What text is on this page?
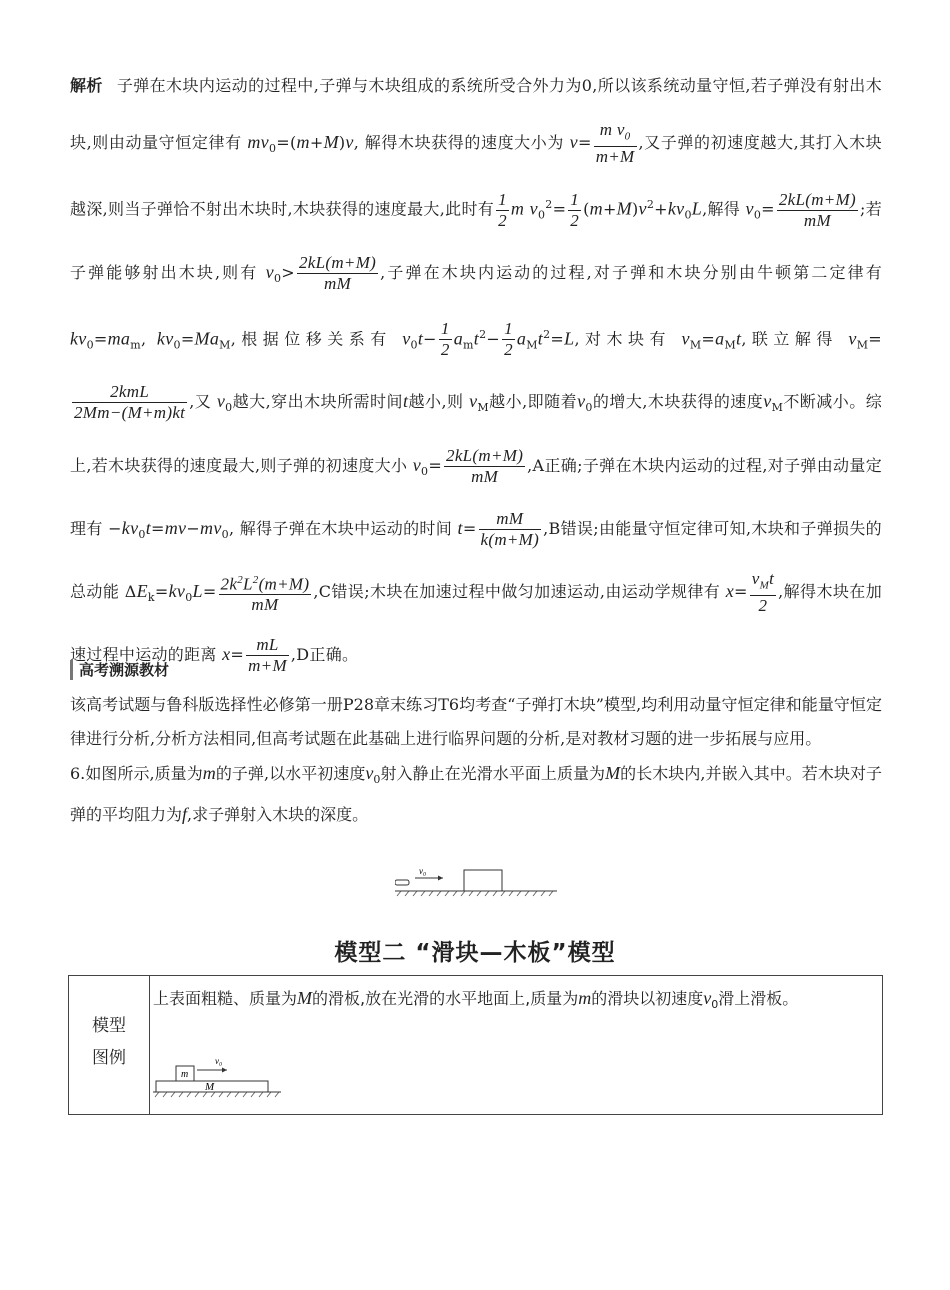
解析 子弹在木块内运动的过程中,子弹与木块组成的系统所受合外力为0,所以该系统动量守恒,若子弹没有射出木块,则由动量守恒定律有 $mv_0=(m+M)v$, 解得木块获得的速度大小为 $v= \frac{m v_0}{m+M}$ ,又子弹的初速度越大,其打入木块越深,则当子弹恰不射出木块时,木块获得的速度最大,此时有 $\frac{1}{2}$ m $v_0^2= \frac{1}{2} (m+M)v^2+kv_0L$,解得 $v_0= \frac{2kL(m+M)}{mM}$ ;若子弹能够射出木块,则有 $v_0> \frac{2kL(m+M)}{mM}$ ,子弹在木块内运动的过程,对子弹和木块分别由牛顿第二定律有 $kv_0=ma_m$, $kv_0=Ma_M$,根据位移关系有 $v_0t- \frac{1}{2} a_mt^2- \frac{1}{2} a_Mt^2=L$,对木块有 $v_M=a_Mt$,联立解得 $v_M=$
$\frac{\text{2kmL}}{2Mm-(M+m)kt}$ ,又 $v_0$越大,穿出木块所需时间t越小,则 $v_M$越小,即随着$v_0$的增大,木块获得的速度$v_M$不断减小。综上,若木块获得的速度最大,则子弹的初速度大小 $v_0= \frac{2kL(m+M)}{mM} ,A$正确;子弹在木块内运动的过程,对子弹由动量定理有 $-kv_0t=mv-mv_0$, 解得子弹在木块中运动的时间 $t= \frac{mM}{k(m+M)} ,B$错误;由能量守恒定律可知,木块和子弹损失的总动能 $\Delta E_k=kv_0L= \frac{2k^2L^2(m+M)}{mM} ,C$错误;木块在加速过程中做匀加速运动,由运动学规律有 $x= \frac{v_Mt}{2}$ ,解得木块在加速过程中运动的距离 $x= \frac{mL}{m+M} ,D$正确。
高考溯源教材
该高考试题与鲁科版选择性必修第一册P28章末练习T6均考查“子弹打木块”模型,均利用动量守恒定律和能量守恒定律进行分析,分析方法相同,但高考试题在此基础上进行临界问题的分析,是对教材习题的进一步拓展与应用。
6.如图所示,质量为m的子弹,以水平初速度$v_0$射入静止在光滑水平面上质量为M的长木块内,并嵌入其中。若木块对子弹的平均阻力为f,求子弹射入木块的深度。
v₀
模型二 “滑块—木板”模型
模型
图例
上表面粗糙、质量为M的滑板,放在光滑的水平地面上,质量为m的滑块以初速度$v_0$滑上滑板。
m
v₀
M
